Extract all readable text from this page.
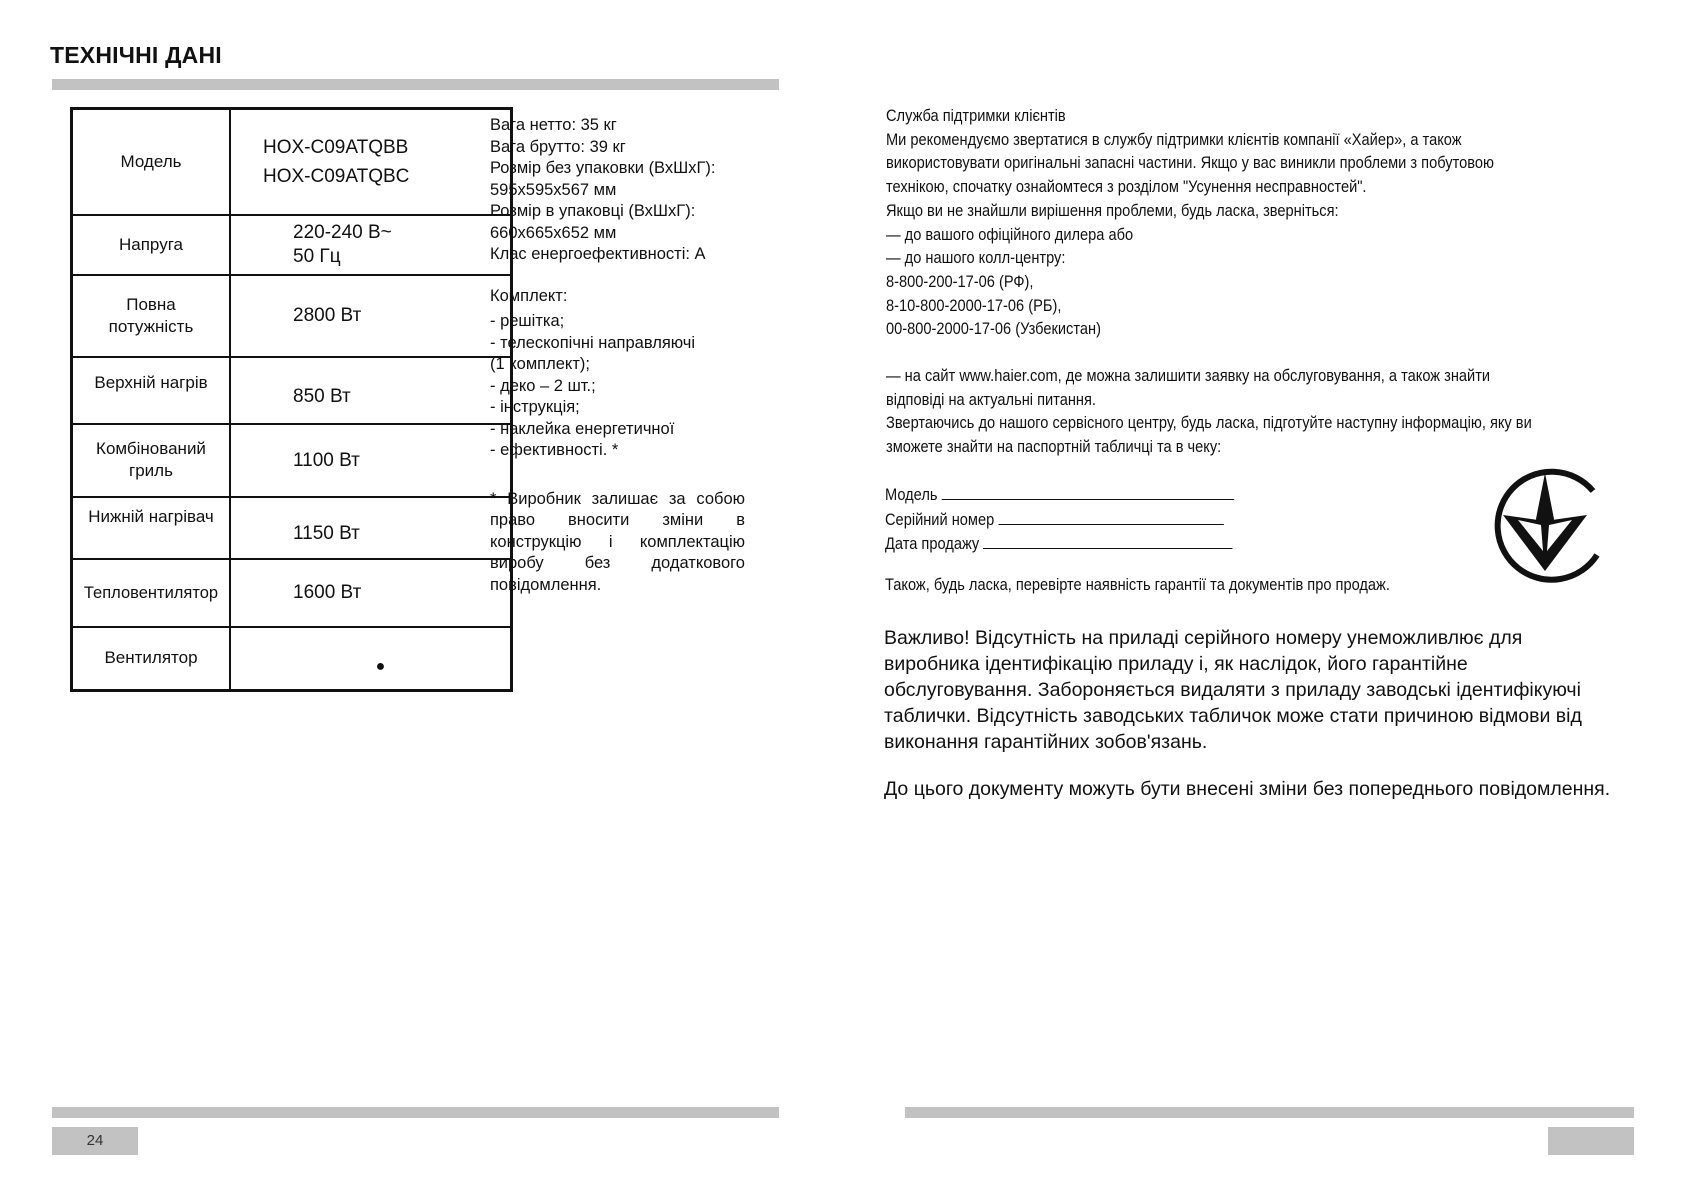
ТЕХНІЧНІ ДАНІ
Модель	HOX-C09ATQBB
HOX-C09ATQBC

Напруга	220-240 В~
50 Гц

Повна
потужність	2800 Вт
Верхній нагрів	850 Вт

Комбінований
гриль	1100 Вт
Нижній нагрівач	1150 Вт
Тепловентилятор	1600 Вт
Вентилятор	●
Вага нетто: 35 кг
Вага брутто: 39 кг
Розмір без упаковки (ВхШхГ):
595x595x567 мм
Розмір в упаковці (ВхШхГ):
660x665x652 мм
Клас енергоефективності: А
Комплект:
- решітка;
- телескопічні направляючі
(1 комплект);
- деко – 2 шт.;
- інструкція;
- наклейка енергетичної
- ефективності. *
* Виробник залишає за собою право вносити зміни в конструкцію і комплектацію виробу без додаткового повідомлення.
24
Служба підтримки клієнтів
Ми рекомендуємо звертатися в службу підтримки клієнтів компанії «Хайер», а також
використовувати оригінальні запасні частини. Якщо у вас виникли проблеми з побутовою
технікою, спочатку ознайомтеся з розділом "Усунення несправностей".
Якщо ви не знайшли вирішення проблеми, будь ласка, зверніться:
— до вашого офіційного дилера або
— до нашого колл-центру:
8-800-200-17-06 (РФ),
8-10-800-2000-17-06 (РБ),
00-800-2000-17-06 (Узбекистан)
— на сайт www.haier.com, де можна залишити заявку на обслуговування, а також знайти
відповіді на актуальні питання.
Звертаючись до нашого сервісного центру, будь ласка, підготуйте наступну інформацію, яку ви
зможете знайти на паспортній табличці та в чеку:
Модель
Серійний номер
Дата продажу
Також, будь ласка, перевірте наявність гарантії та документів про продаж.
Важливо! Відсутність на приладі серійного номеру унеможливлює для
виробника ідентифікацію приладу і, як наслідок, його гарантійне
обслуговування. Забороняється видаляти з приладу заводські ідентифікуючі
таблички. Відсутність заводських табличок може стати причиною відмови від
виконання гарантійних зобов'язань.
До цього документу можуть бути внесені зміни без попереднього повідомлення.
